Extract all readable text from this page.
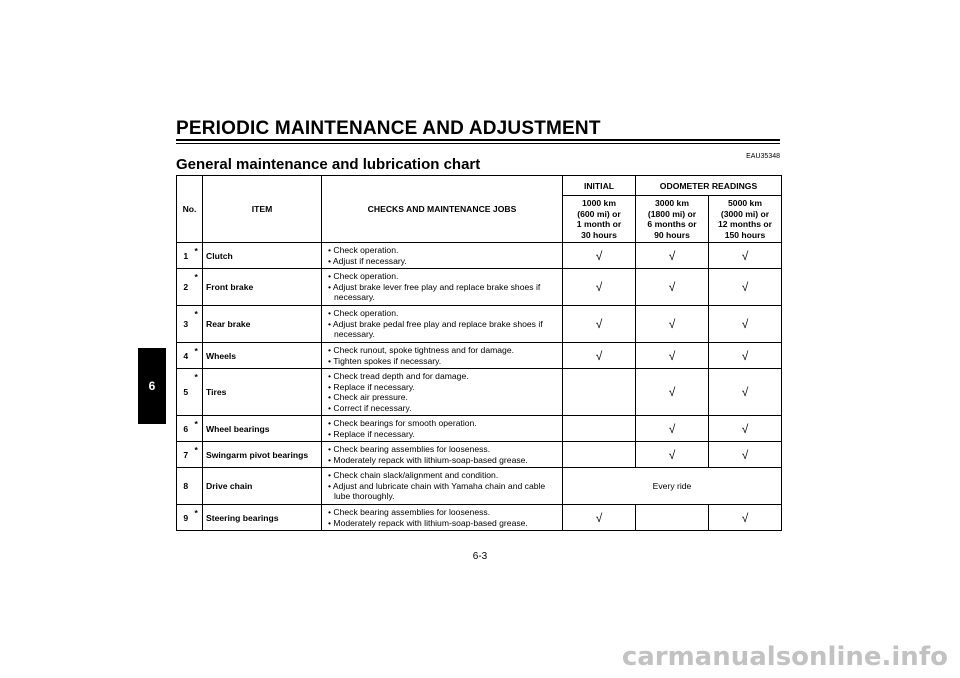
PERIODIC MAINTENANCE AND ADJUSTMENT
EAU35348
General maintenance and lubrication chart
6
No.		ITEM	CHECKS AND MAINTENANCE JOBS	INITIAL	ODOMETER READINGS	
				1000 km
(600 mi) or
1 month or
30 hours	3000 km
(1800 mi) or
6 months or
90 hours	5000 km
(3000 mi) or
12 months or
150 hours
1	*	Clutch	• Check operation.
• Adjust if necessary.	√	√	√
2	*	Front brake	• Check operation.
• Adjust brake lever free play and replace brake shoes if necessary.	√	√	√
3	*	Rear brake	• Check operation.
• Adjust brake pedal free play and replace brake shoes if necessary.	√	√	√
4	*	Wheels	• Check runout, spoke tightness and for damage.
• Tighten spokes if necessary.	√	√	√
5	*	Tires	• Check tread depth and for damage.
• Replace if necessary.
• Check air pressure.
• Correct if necessary.		√	√
6	*	Wheel bearings	• Check bearings for smooth operation.
• Replace if necessary.		√	√
7	*	Swingarm pivot bearings	• Check bearing assemblies for looseness.
• Moderately repack with lithium-soap-based grease.		√	√
8		Drive chain	• Check chain slack/alignment and condition.
• Adjust and lubricate chain with Yamaha chain and cable lube thoroughly.	Every ride		
9	*	Steering bearings	• Check bearing assemblies for looseness.
• Moderately repack with lithium-soap-based grease.	√		√
6-3
carmanualsonline.info
